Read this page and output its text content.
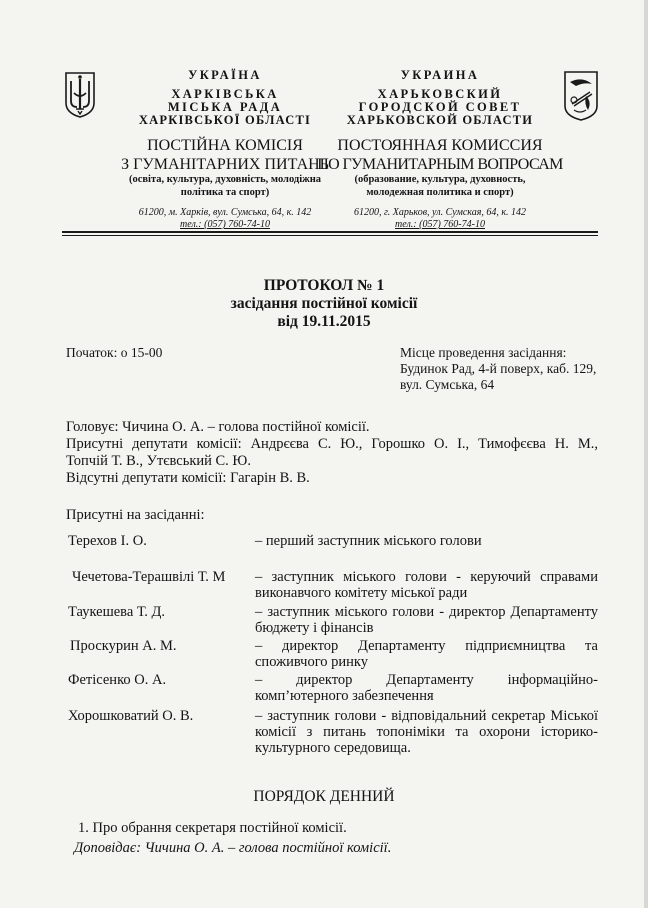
УКРАЇНА
ХАРКІВСЬКА
МІСЬКА РАДА
ХАРКІВСЬКОЇ ОБЛАСТІ
ПОСТІЙНА КОМІСІЯ
З ГУМАНІТАРНИХ ПИТАНЬ
(освіта, культура, духовність, молодіжна
політика та спорт)
61200, м. Харків, вул. Сумська, 64, к. 142
тел.: (057) 760-74-10
УКРАИНА
ХАРЬКОВСКИЙ
ГОРОДСКОЙ СОВЕТ
ХАРЬКОВСКОЙ ОБЛАСТИ
ПОСТОЯННАЯ КОМИССИЯ
ПО ГУМАНИТАРНЫМ ВОПРОСАМ
(образование, культура, духовность,
молодежная политика и спорт)
61200, г. Харьков, ул. Сумская, 64, к. 142
тел.: (057) 760-74-10
ПРОТОКОЛ № 1
засідання постійної комісії
від 19.11.2015
Початок: о 15-00	Місце проведення засідання:
Будинок Рад, 4-й поверх, каб. 129,
вул. Сумська, 64
Головує: Чичина О. А. – голова постійної комісії.
Присутні депутати комісії: Андрєєва С. Ю., Горошко О. І., Тимофєєва Н. М.,
Топчій Т. В., Утєвський С. Ю.
Відсутні депутати комісії: Гагарін В. В.
Присутні на засіданні:
Терехов І. О.	– перший заступник міського голови
Чечетова-Терашвілі Т. М – заступник міського голови - керуючий справами виконавчого комітету міської ради
Таукешева Т. Д.	– заступник міського голови - директор Департаменту бюджету і фінансів
Проскурин А. М.	– директор Департаменту підприємництва та споживчого ринку
Фетісенко О. А.	– директор Департаменту інформаційно-комп’ютерного забезпечення
Хорошковатий О. В.	– заступник голови - відповідальний секретар Міської комісії з питань топоніміки та охорони історико-культурного середовища.
ПОРЯДОК ДЕННИЙ
1. Про обрання секретаря постійної комісії.
Доповідає: Чичина О. А. – голова постійної комісії.
